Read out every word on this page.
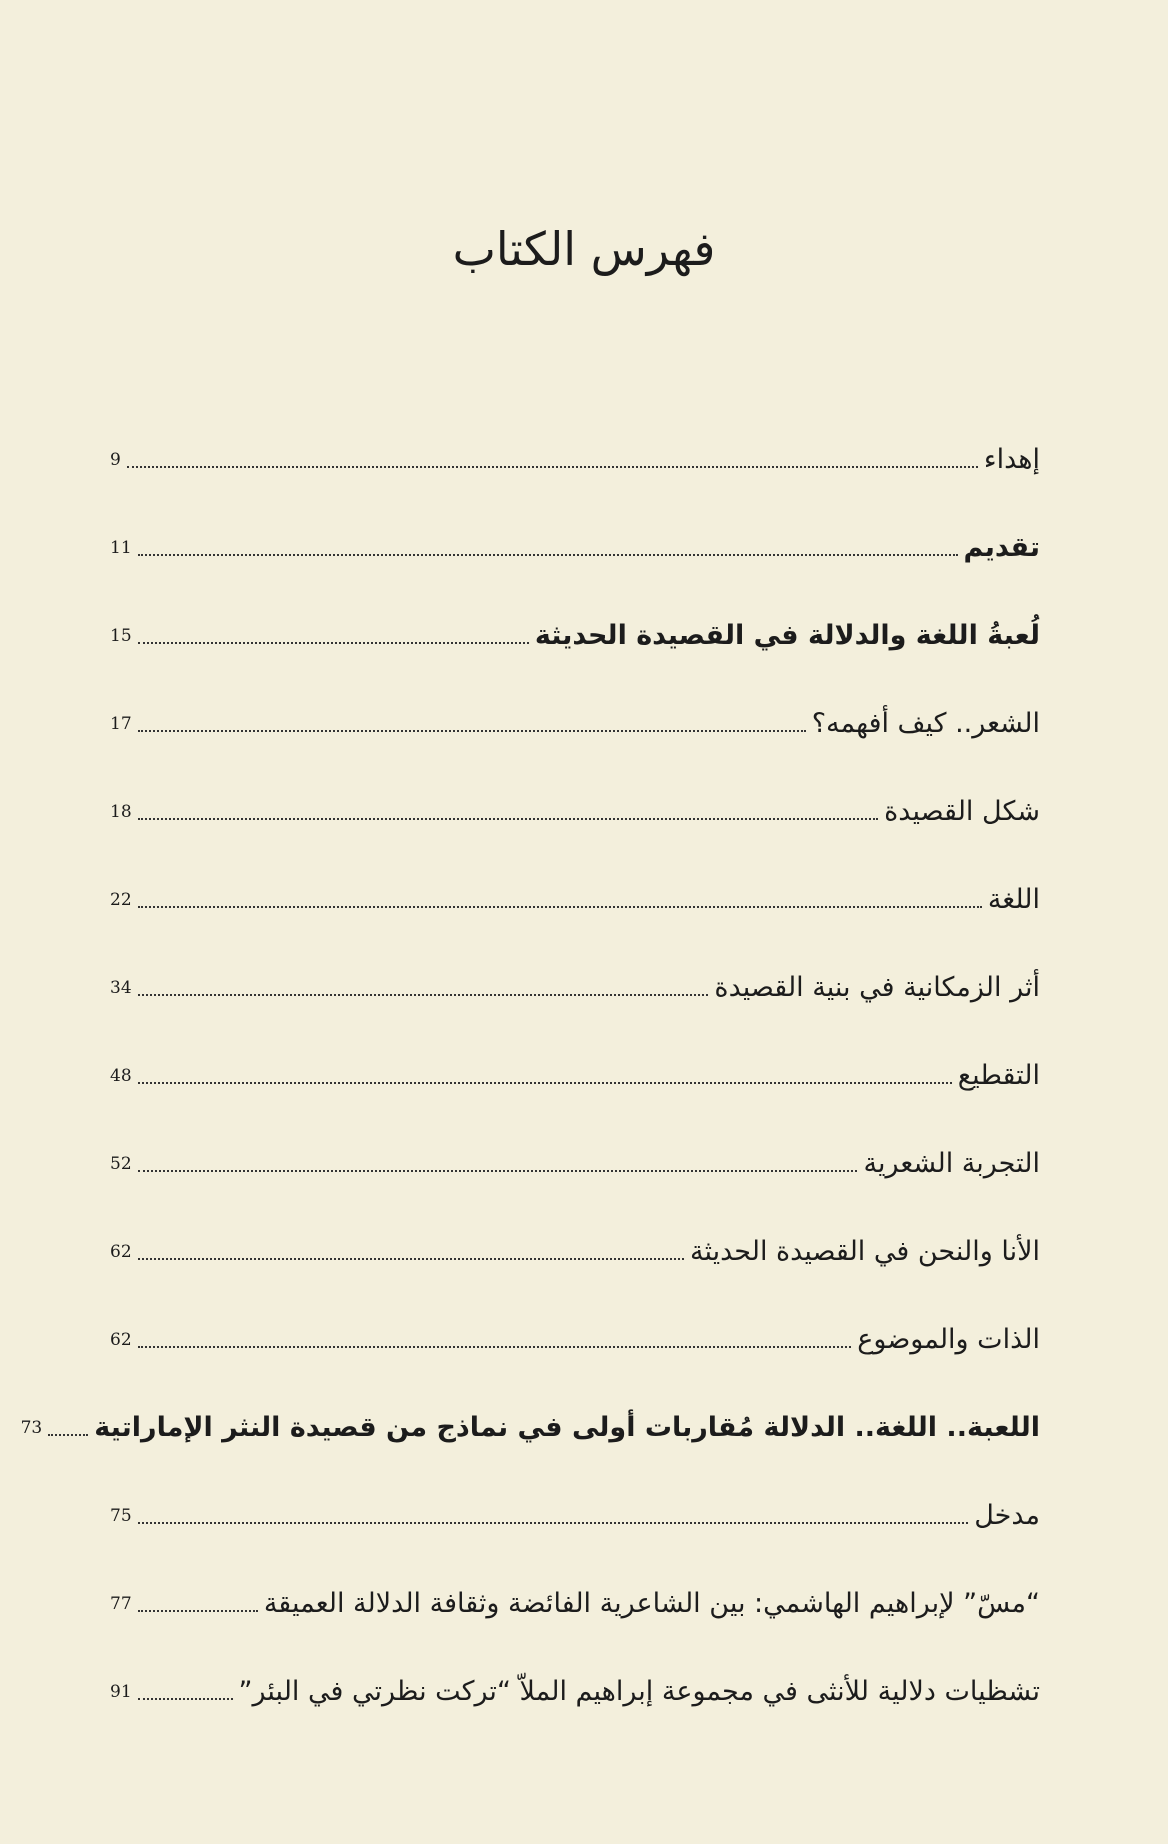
فهرس الكتاب
إهداء
9
تقديم
11
لُعبةُ اللغة والدلالة في القصيدة الحديثة
15
الشعر.. كيف أفهمه؟
17
شكل القصيدة
18
اللغة
22
أثر الزمكانية في بنية القصيدة
34
التقطيع
48
التجربة الشعرية
52
الأنا والنحن في القصيدة الحديثة
62
الذات والموضوع
62
اللعبة.. اللغة.. الدلالة مُقاربات أولى في نماذج من قصيدة النثر الإماراتية
73
مدخل
75
“مسّ” لإبراهيم الهاشمي: بين الشاعرية الفائضة وثقافة الدلالة العميقة
77
تشظيات دلالية للأنثى في مجموعة إبراهيم الملاّ “تركت نظرتي في البئر”
91
